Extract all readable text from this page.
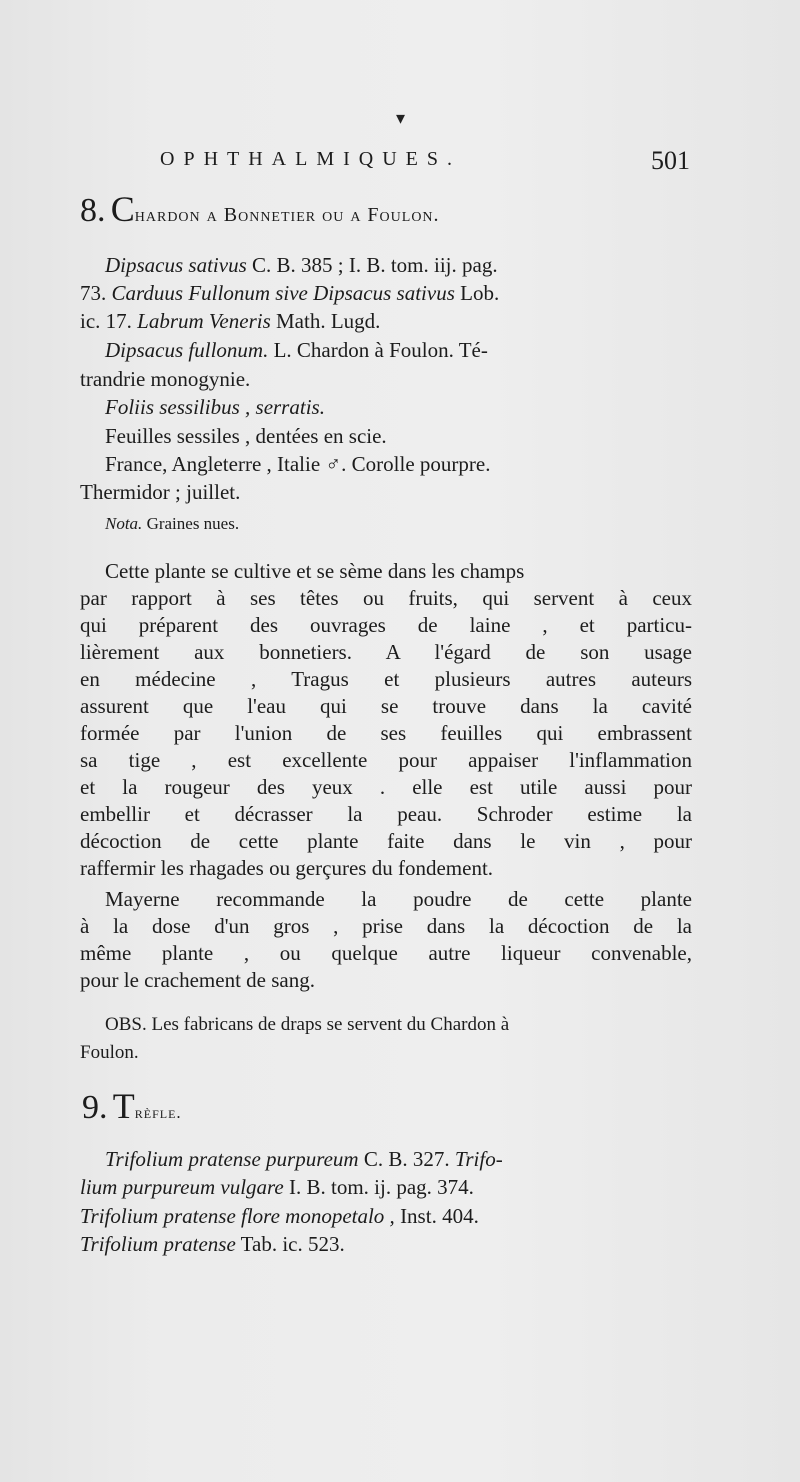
▾
OPHTHALMIQUES.	501
8. Chardon a Bonnetier ou a Foulon.
Dipsacus sativus C. B. 385 ; I. B. tom. iij. pag.
73. Carduus Fullonum sive Dipsacus sativus Lob.
ic. 17. Labrum Veneris Math. Lugd.
Dipsacus fullonum. L. Chardon à Foulon. Té-
trandrie monogynie.
Foliis sessilibus , serratis.
Feuilles sessiles , dentées en scie.
France, Angleterre , Italie ♂. Corolle pourpre.
Thermidor ; juillet.
Nota. Graines nues.
Cette plante se cultive et se sème dans les champs
par rapport à ses têtes ou fruits, qui servent à ceux
qui préparent des ouvrages de laine , et particu-
lièrement aux bonnetiers. A l'égard de son usage
en médecine , Tragus et plusieurs autres auteurs
assurent que l'eau qui se trouve dans la cavité
formée par l'union de ses feuilles qui embrassent
sa tige , est excellente pour appaiser l'inflammation
et la rougeur des yeux . elle est utile aussi pour
embellir et décrasser la peau. Schroder estime la
décoction de cette plante faite dans le vin , pour
raffermir les rhagades ou gerçures du fondement.
Mayerne recommande la poudre de cette plante
à la dose d'un gros , prise dans la décoction de la
même plante , ou quelque autre liqueur convenable,
pour le crachement de sang.
OBS. Les fabricans de draps se servent du Chardon à
Foulon.
9. Trèfle.
Trifolium pratense purpureum C. B. 327. Trifo-
lium purpureum vulgare I. B. tom. ij. pag. 374.
Trifolium pratense flore monopetalo , Inst. 404.
Trifolium pratense Tab. ic. 523.
